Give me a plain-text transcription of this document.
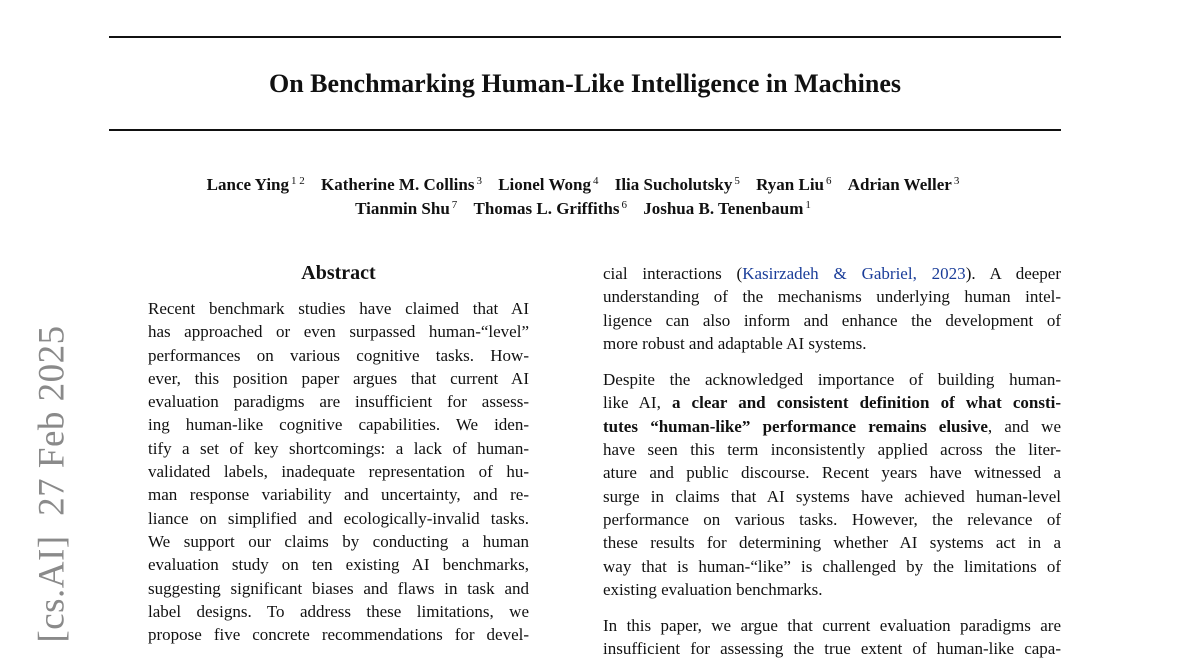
On Benchmarking Human-Like Intelligence in Machines
Lance Ying $^{1 2}$ Katherine M. Collins $^3$ Lionel Wong $^4$ Ilia Sucholutsky $^5$ Ryan Liu $^6$ Adrian Weller $^3$
Tianmin Shu $^7$ Thomas L. Griffiths $^6$ Joshua B. Tenenbaum $^1$
[cs.AI]  27 Feb 2025
Abstract
Recent benchmark studies have claimed that AI
has approached or even surpassed human-“level”
performances on various cognitive tasks. How-
ever, this position paper argues that current AI
evaluation paradigms are insufficient for assess-
ing human-like cognitive capabilities. We iden-
tify a set of key shortcomings: a lack of human-
validated labels, inadequate representation of hu-
man response variability and uncertainty, and re-
liance on simplified and ecologically-invalid tasks.
We support our claims by conducting a human
evaluation study on ten existing AI benchmarks,
suggesting significant biases and flaws in task and
label designs. To address these limitations, we
propose five concrete recommendations for devel-
cial interactions (Kasirzadeh & Gabriel, 2023). A deeper
understanding of the mechanisms underlying human intel-
ligence can also inform and enhance the development of
more robust and adaptable AI systems.
Despite the acknowledged importance of building human-
like AI, a clear and consistent definition of what consti-
tutes “human-like” performance remains elusive, and we
have seen this term inconsistently applied across the liter-
ature and public discourse. Recent years have witnessed a
surge in claims that AI systems have achieved human-level
performance on various tasks. However, the relevance of
these results for determining whether AI systems act in a
way that is human-“like” is challenged by the limitations of
existing evaluation benchmarks.
In this paper, we argue that current evaluation paradigms are
insufficient for assessing the true extent of human-like capa-
